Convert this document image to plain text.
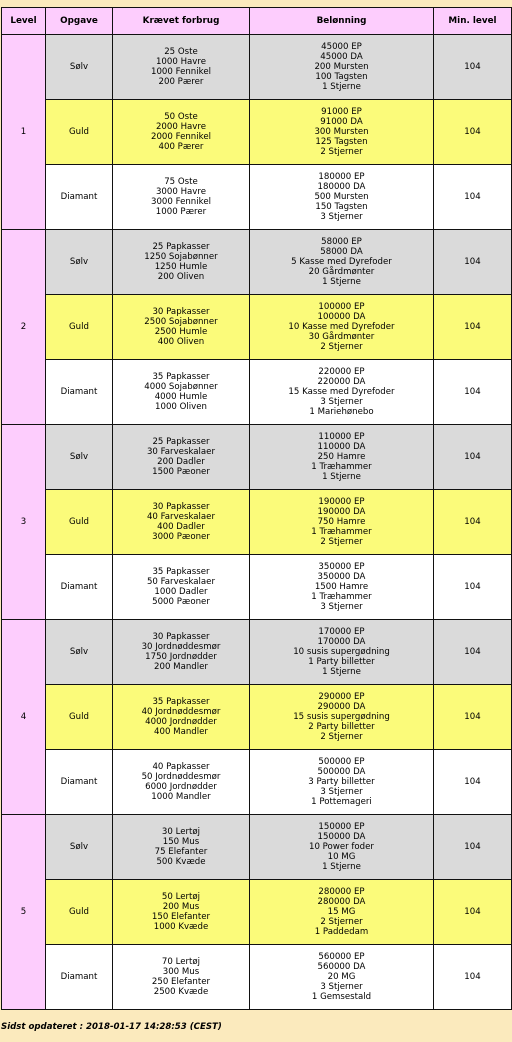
Level	Opgave	Krævet forbrug	Belønning	Min. level
1	Sølv	25 Oste
1000 Havre
1000 Fennikel
200 Pærer	45000 EP
45000 DA
200 Mursten
100 Tagsten
1 Stjerne	104
	Guld	50 Oste
2000 Havre
2000 Fennikel
400 Pærer	91000 EP
91000 DA
300 Mursten
125 Tagsten
2 Stjerner	104
	Diamant	75 Oste
3000 Havre
3000 Fennikel
1000 Pærer	180000 EP
180000 DA
500 Mursten
150 Tagsten
3 Stjerner	104
2	Sølv	25 Papkasser
1250 Sojabønner
1250 Humle
200 Oliven	58000 EP
58000 DA
5 Kasse med Dyrefoder
20 Gårdmønter
1 Stjerne	104
	Guld	30 Papkasser
2500 Sojabønner
2500 Humle
400 Oliven	100000 EP
100000 DA
10 Kasse med Dyrefoder
30 Gårdmønter
2 Stjerner	104
	Diamant	35 Papkasser
4000 Sojabønner
4000 Humle
1000 Oliven	220000 EP
220000 DA
15 Kasse med Dyrefoder
3 Stjerner
1 Mariehønebo	104
3	Sølv	25 Papkasser
30 Farveskalaer
200 Dadler
1500 Pæoner	110000 EP
110000 DA
250 Hamre
1 Træhammer
1 Stjerne	104
	Guld	30 Papkasser
40 Farveskalaer
400 Dadler
3000 Pæoner	190000 EP
190000 DA
750 Hamre
1 Træhammer
2 Stjerner	104
	Diamant	35 Papkasser
50 Farveskalaer
1000 Dadler
5000 Pæoner	350000 EP
350000 DA
1500 Hamre
1 Træhammer
3 Stjerner	104
4	Sølv	30 Papkasser
30 Jordnøddesmør
1750 Jordnødder
200 Mandler	170000 EP
170000 DA
10 susis supergødning
1 Party billetter
1 Stjerne	104
	Guld	35 Papkasser
40 Jordnøddesmør
4000 Jordnødder
400 Mandler	290000 EP
290000 DA
15 susis supergødning
2 Party billetter
2 Stjerner	104
	Diamant	40 Papkasser
50 Jordnøddesmør
6000 Jordnødder
1000 Mandler	500000 EP
500000 DA
3 Party billetter
3 Stjerner
1 Pottemageri	104
5	Sølv	30 Lertøj
150 Mus
75 Elefanter
500 Kvæde	150000 EP
150000 DA
10 Power foder
10 MG
1 Stjerne	104
	Guld	50 Lertøj
200 Mus
150 Elefanter
1000 Kvæde	280000 EP
280000 DA
15 MG
2 Stjerner
1 Paddedam	104
	Diamant	70 Lertøj
300 Mus
250 Elefanter
2500 Kvæde	560000 EP
560000 DA
20 MG
3 Stjerner
1 Gemsestald	104
Sidst opdateret : 2018-01-17 14:28:53 (CEST)
